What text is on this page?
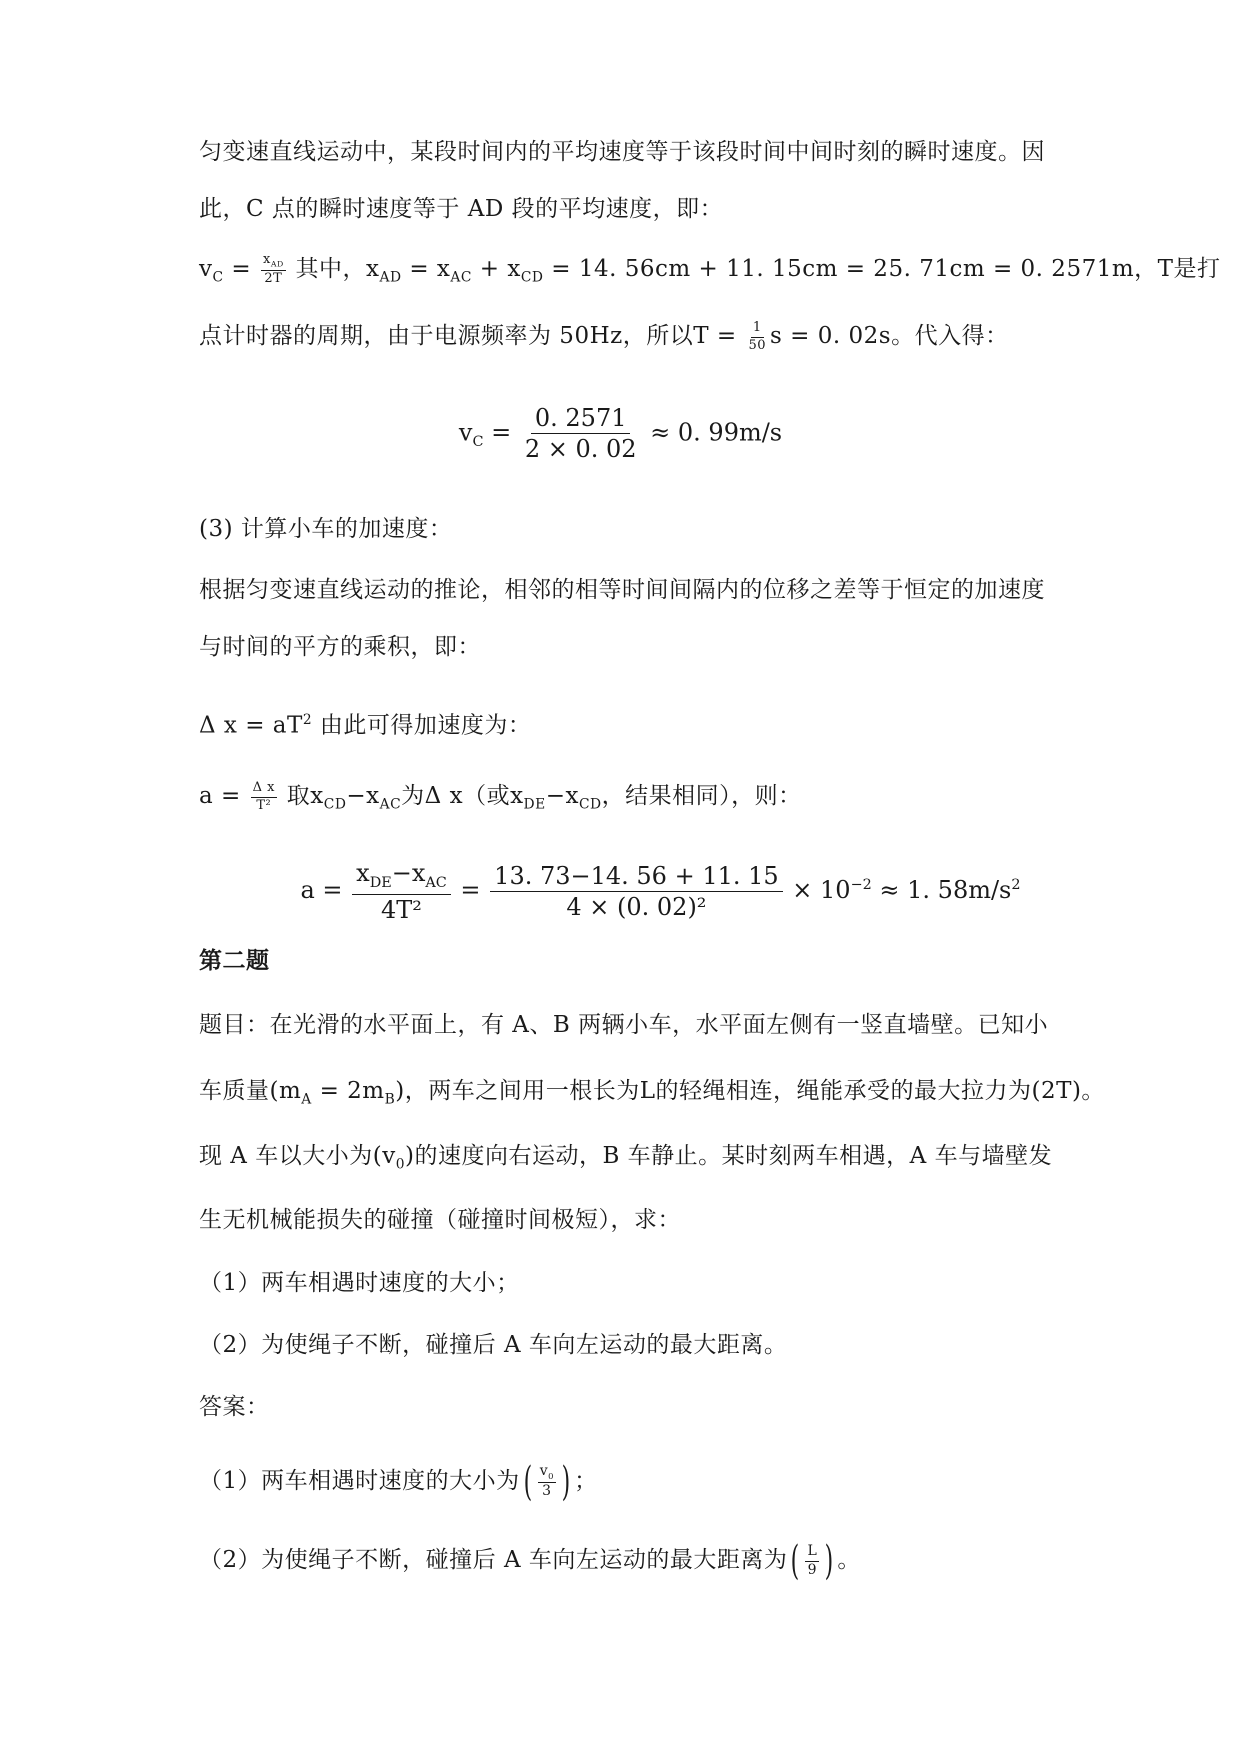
匀变速直线运动中，某段时间内的平均速度等于该段时间中间时刻的瞬时速度。因
此，C 点的瞬时速度等于 AD 段的平均速度，即：
$v_C = \frac{x_{AD}}{2T}$ 其中，$x_{AD} = x_{AC} + x_{CD} = 14$. 56cm + 11. 15cm = 25. 71cm = 0. 2571m，T是打
点计时器的周期，由于电源频率为 50Hz，所以$T = \frac{1}{50}$ s = 0. 02s。代入得：
$v_C = \frac{0. 2571}{2 \times 0. 02} \approx 0$. 99m/s
(3) 计算小车的加速度：
根据匀变速直线运动的推论，相邻的相等时间间隔内的位移之差等于恒定的加速度
与时间的平方的乘积，即：
Δ $x = aT^2$ 由此可得加速度为：
$a = \frac{\text{Δ x}}{\text{T²}}$ 取$x_{CD}-x_{AC}$为Δ x（或$x_{DE}-x_{CD}$，结果相同），则：
$a = \frac{x_{DE}-x_{AC}}{\text{4T²}} = \frac{13. 73-14. 56 + 11. 15}{\text{4 × (0. 02)²}} \times 10^{-2} \approx 1$. $58m/s^2$
第二题
题目：在光滑的水平面上，有 A、B 两辆小车，水平面左侧有一竖直墙壁。已知小
车质量$(m_A = 2m_B)$，两车之间用一根长为L的轻绳相连，绳能承受的最大拉力为(2T)。
现 A 车以大小为$(v_0)$的速度向右运动，B 车静止。某时刻两车相遇，A 车与墙壁发
生无机械能损失的碰撞（碰撞时间极短），求：
（1）两车相遇时速度的大小；
（2）为使绳子不断，碰撞后 A 车向左运动的最大距离。
答案：
（1）两车相遇时速度的大小为( $\frac{v_0}{3}$ ) ；
（2）为使绳子不断，碰撞后 A 车向左运动的最大距离为( $\frac{L}{9}$ ) 。
